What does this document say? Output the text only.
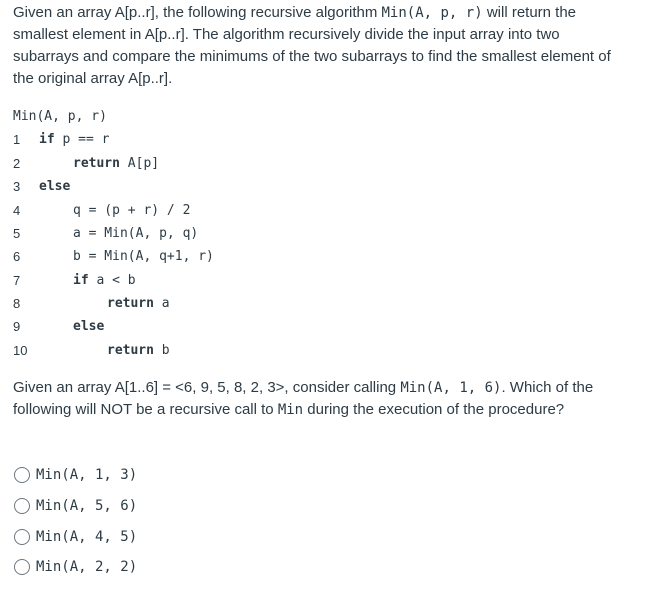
Given an array A[p..r], the following recursive algorithm Min(A, p, r) will return the smallest element in A[p..r]. The algorithm recursively divide the input array into two subarrays and compare the minimums of the two subarrays to find the smallest element of the original array A[p..r].
Min(A, p, r)

1

	if p == r

2

	return A[p]

3

	else

4

	q = (p + r) / 2

5

	a = Min(A, p, q)

6

	b = Min(A, q+1, r)

7

	if a < b

8

	return a

9

	else

10

	return b

Given an array A[1..6] = <6, 9, 5, 8, 2, 3>, consider calling Min(A, 1, 6). Which of the following will NOT be a recursive call to Min during the execution of the procedure?
Min(A, 1, 3)
Min(A, 5, 6)
Min(A, 4, 5)
Min(A, 2, 2)
